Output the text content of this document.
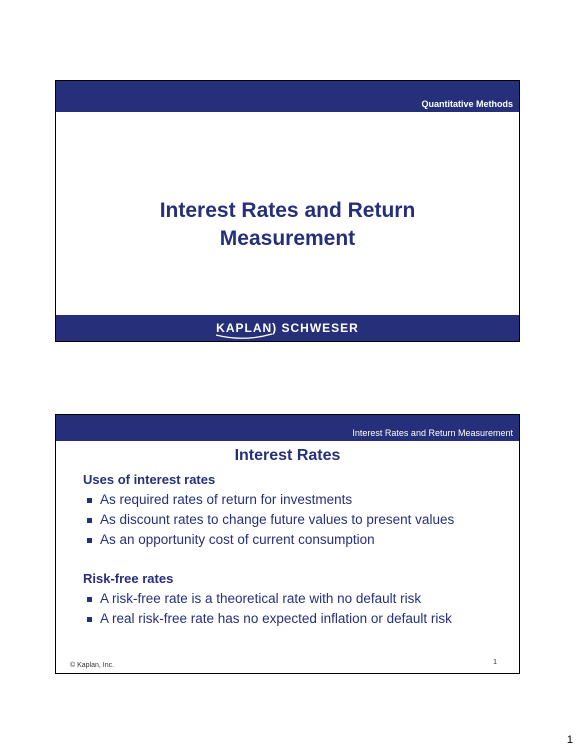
Quantitative Methods
Interest Rates and Return
Measurement
KAPLAN) SCHWESER
Interest Rates and Return Measurement
Interest Rates
Uses of interest rates
As required rates of return for investments
As discount rates to change future values to present values
As an opportunity cost of current consumption
Risk-free rates
A risk-free rate is a theoretical rate with no default risk
A real risk-free rate has no expected inflation or default risk
1
© Kaplan, Inc.
1
